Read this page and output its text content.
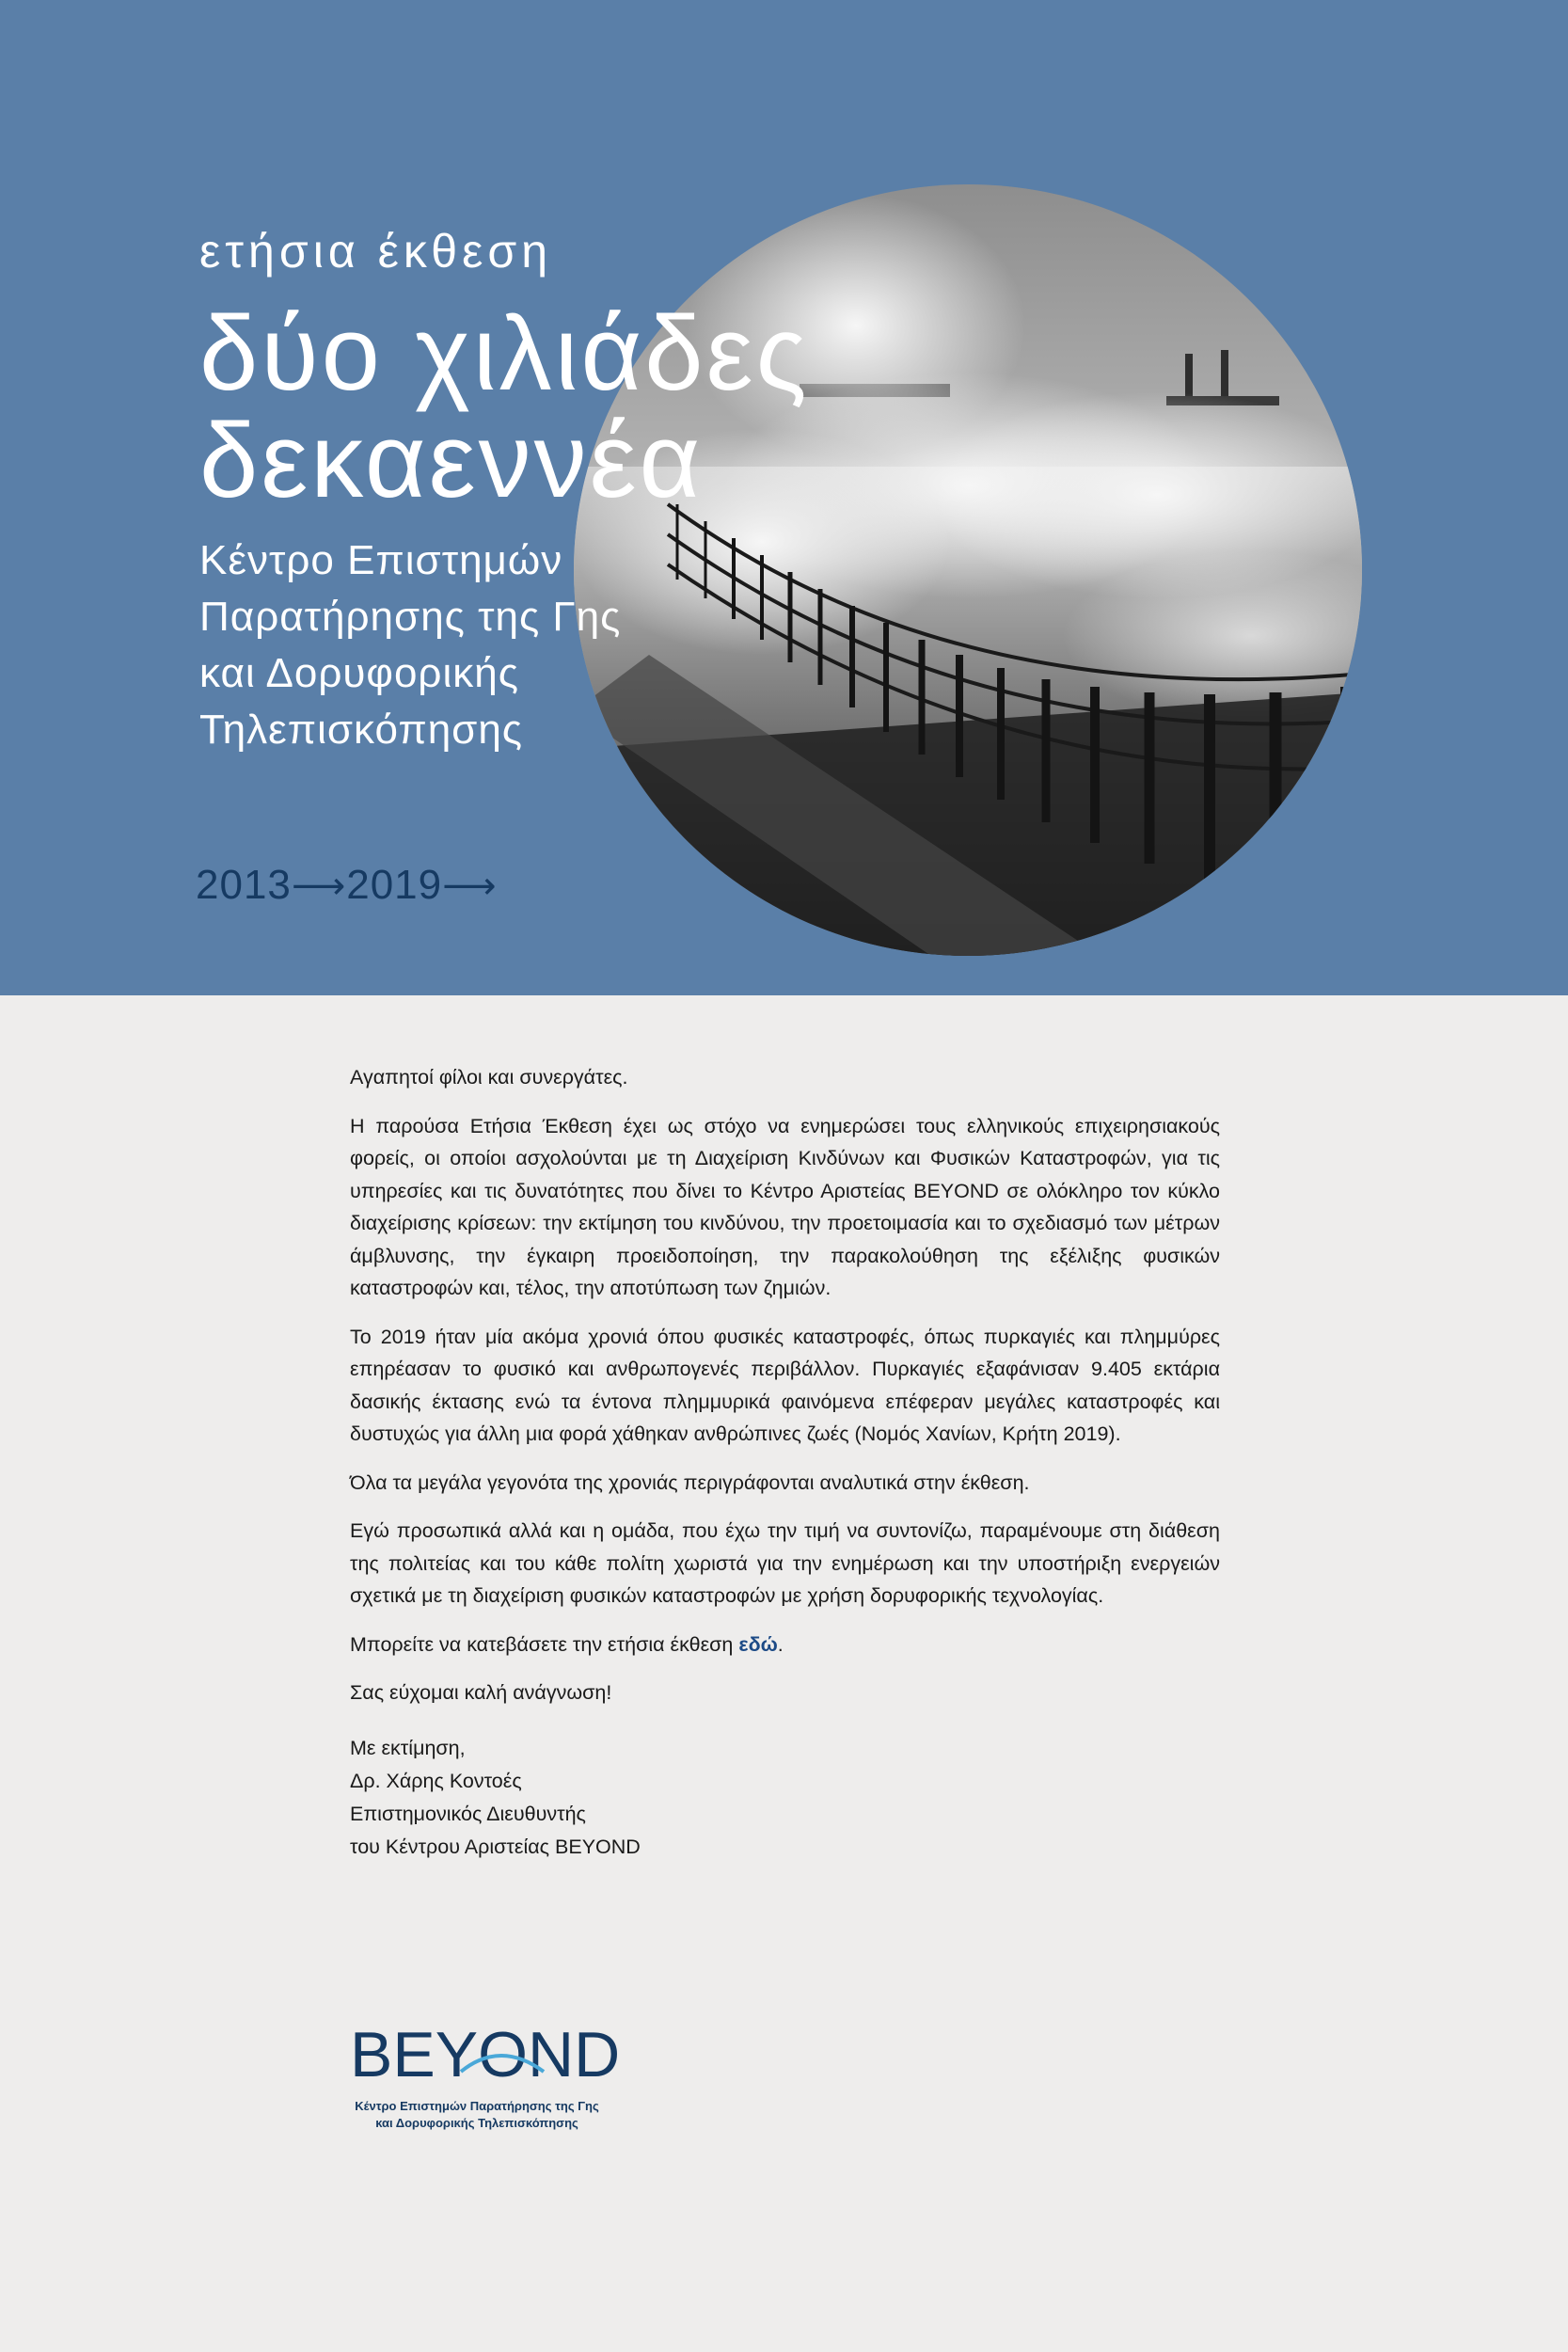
ετήσια έκθεση
δύο χιλιάδες
δεκαεννέα
Κέντρο Επιστημών
Παρατήρησης της Γης
και Δορυφορικής
Τηλεπισκόπησης
2013⟶2019⟶

Αγαπητοί φίλοι και συνεργάτες.

Η παρούσα Ετήσια Έκθεση έχει ως στόχο να ενημερώσει τους ελληνικούς επιχειρησιακούς φορείς, οι οποίοι ασχολούνται με τη Διαχείριση Κινδύνων και Φυσικών Καταστροφών, για τις υπηρεσίες και τις δυνατότητες που δίνει το Κέντρο Αριστείας BEYOND σε ολόκληρο τον κύκλο διαχείρισης κρίσεων: την εκτίμηση του κινδύνου, την προετοιμασία και το σχεδιασμό των μέτρων άμβλυνσης, την έγκαιρη προειδοποίηση, την παρακολούθηση της εξέλιξης φυσικών καταστροφών και, τέλος, την αποτύπωση των ζημιών.

Το 2019 ήταν μία ακόμα χρονιά όπου φυσικές καταστροφές, όπως πυρκαγιές και πλημμύρες επηρέασαν το φυσικό και ανθρωπογενές περιβάλλον. Πυρκαγιές εξαφάνισαν 9.405 εκτάρια δασικής έκτασης ενώ τα έντονα πλημμυρικά φαινόμενα επέφεραν μεγάλες καταστροφές και δυστυχώς για άλλη μια φορά χάθηκαν ανθρώπινες ζωές (Νομός Χανίων, Κρήτη 2019).

Όλα τα μεγάλα γεγονότα της χρονιάς περιγράφονται αναλυτικά στην έκθεση.

Εγώ προσωπικά αλλά και η ομάδα, που έχω την τιμή να συντονίζω, παραμένουμε στη διάθεση της πολιτείας και του κάθε πολίτη χωριστά για την ενημέρωση και την υποστήριξη ενεργειών σχετικά με τη διαχείριση φυσικών καταστροφών με χρήση δορυφορικής τεχνολογίας.

Μπορείτε να κατεβάσετε την ετήσια έκθεση εδώ.

Σας εύχομαι καλή ανάγνωση!

Με εκτίμηση,
Δρ. Χάρης Κοντοές
Επιστημονικός Διευθυντής
του Κέντρου Αριστείας BEYOND
BEYOND
Κέντρο Επιστημών Παρατήρησης της Γης
και Δορυφορικής Τηλεπισκόπησης
